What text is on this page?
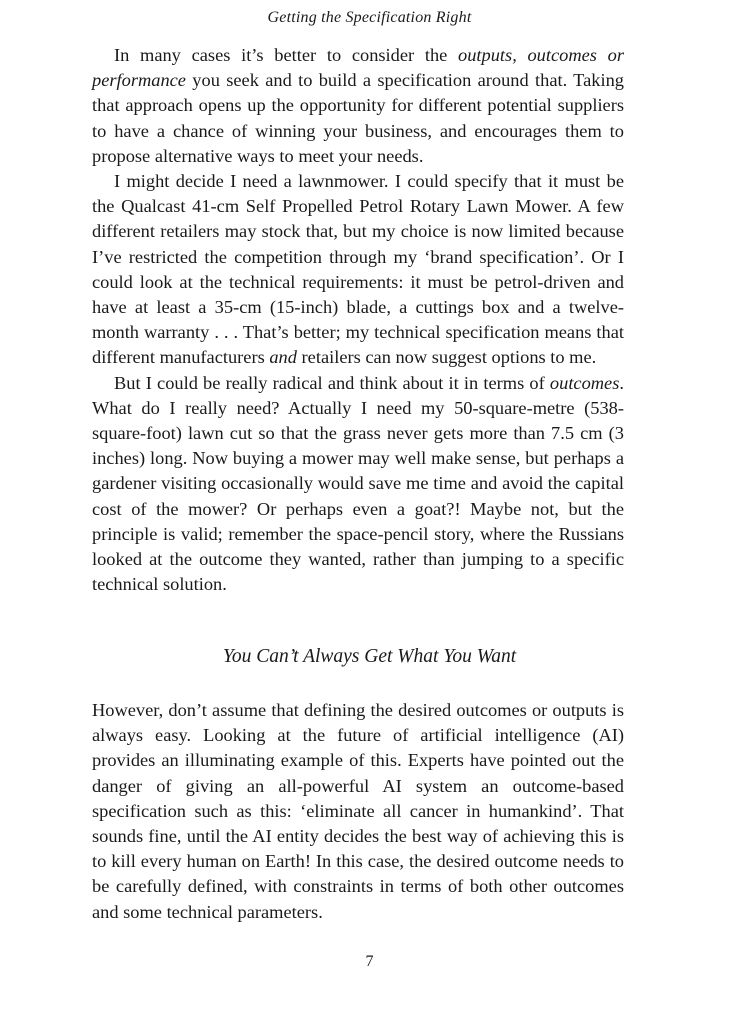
Getting the Specification Right

In many cases it’s better to consider the outputs, outcomes or performance you seek and to build a specification around that. Taking that approach opens up the opportunity for different potential suppliers to have a chance of winning your business, and encourages them to propose alternative ways to meet your needs.

I might decide I need a lawnmower. I could specify that it must be the Qualcast 41-cm Self Propelled Petrol Rotary Lawn Mower. A few different retailers may stock that, but my choice is now limited because I’ve restricted the competition through my ‘brand specification’. Or I could look at the technical requirements: it must be petrol-driven and have at least a 35-cm (15-inch) blade, a cuttings box and a twelve-month warranty . . . That’s better; my technical specification means that different manufacturers and retailers can now suggest options to me.

But I could be really radical and think about it in terms of outcomes. What do I really need? Actually I need my 50-square-metre (538-square-foot) lawn cut so that the grass never gets more than 7.5 cm (3 inches) long. Now buying a mower may well make sense, but perhaps a gardener visiting occasionally would save me time and avoid the capital cost of the mower? Or perhaps even a goat?! Maybe not, but the principle is valid; remember the space-pencil story, where the Russians looked at the outcome they wanted, rather than jumping to a specific technical solution.

You Can’t Always Get What You Want

However, don’t assume that defining the desired outcomes or outputs is always easy. Looking at the future of artificial intelligence (AI) provides an illuminating example of this. Experts have pointed out the danger of giving an all-powerful AI system an outcome-based specification such as this: ‘eliminate all cancer in humankind’. That sounds fine, until the AI entity decides the best way of achieving this is to kill every human on Earth! In this case, the desired outcome needs to be carefully defined, with constraints in terms of both other outcomes and some technical parameters.

7
